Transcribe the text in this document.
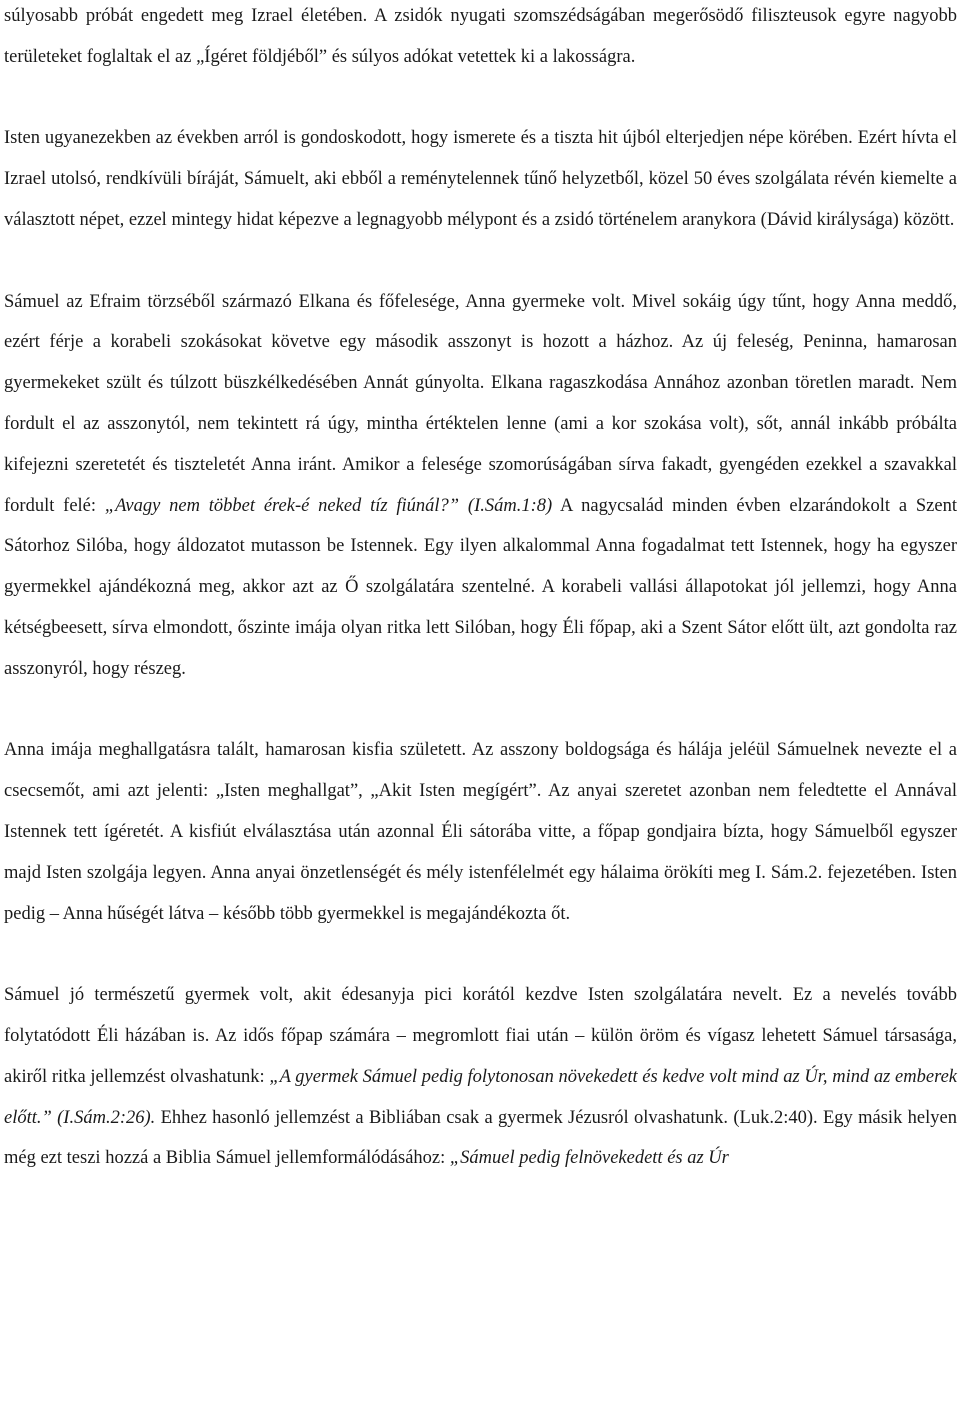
súlyosabb próbát engedett meg Izrael életében. A zsidók nyugati szomszédságában megerősödő filiszteusok egyre nagyobb területeket foglaltak el az „Ígéret földjéből” és súlyos adókat vetettek ki a lakosságra.

Isten ugyanezekben az években arról is gondoskodott, hogy ismerete és a tiszta hit újból elterjedjen népe körében. Ezért hívta el Izrael utolsó, rendkívüli bíráját, Sámuelt, aki ebből a reménytelennek tűnő helyzetből, közel 50 éves szolgálata révén kiemelte a választott népet, ezzel mintegy hidat képezve a legnagyobb mélypont és a zsidó történelem aranykora (Dávid királysága) között.

Sámuel az Efraim törzséből származó Elkana és főfelesége, Anna gyermeke volt. Mivel sokáig úgy tűnt, hogy Anna meddő, ezért férje a korabeli szokásokat követve egy második asszonyt is hozott a házhoz. Az új feleség, Peninna, hamarosan gyermekeket szült és túlzott büszkélkedésében Annát gúnyolta. Elkana ragaszkodása Annához azonban töretlen maradt. Nem fordult el az asszonytól, nem tekintett rá úgy, mintha értéktelen lenne (ami a kor szokása volt), sőt, annál inkább próbálta kifejezni szeretetét és tiszteletét Anna iránt. Amikor a felesége szomorúságában sírva fakadt, gyengéden ezekkel a szavakkal fordult felé: „Avagy nem többet érek-é neked tíz fiúnál?” (I.Sám.1:8) A nagycsalád minden évben elzarándokolt a Szent Sátorhoz Silóba, hogy áldozatot mutasson be Istennek. Egy ilyen alkalommal Anna fogadalmat tett Istennek, hogy ha egyszer gyermekkel ajándékozná meg, akkor azt az Ő szolgálatára szentelné. A korabeli vallási állapotokat jól jellemzi, hogy Anna kétségbeesett, sírva elmondott, őszinte imája olyan ritka lett Silóban, hogy Éli főpap, aki a Szent Sátor előtt ült, azt gondolta raz asszonyról, hogy részeg.

Anna imája meghallgatásra talált, hamarosan kisfia született. Az asszony boldogsága és hálája jeléül Sámuelnek nevezte el a csecsemőt, ami azt jelenti: „Isten meghallgat”, „Akit Isten megígért”. Az anyai szeretet azonban nem feledtette el Annával Istennek tett ígéretét. A kisfiút elválasztása után azonnal Éli sátorába vitte, a főpap gondjaira bízta, hogy Sámuelből egyszer majd Isten szolgája legyen. Anna anyai önzetlenségét és mély istenfélelmét egy hálaima örökíti meg I. Sám.2. fejezetében. Isten pedig – Anna hűségét látva – később több gyermekkel is megajándékozta őt.

Sámuel jó természetű gyermek volt, akit édesanyja pici korától kezdve Isten szolgálatára nevelt. Ez a nevelés tovább folytatódott Éli házában is. Az idős főpap számára – megromlott fiai után – külön öröm és vígasz lehetett Sámuel társasága, akiről ritka jellemzést olvashatunk: „A gyermek Sámuel pedig folytonosan növekedett és kedve volt mind az Úr, mind az emberek előtt.” (I.Sám.2:26). Ehhez hasonló jellemzést a Bibliában csak a gyermek Jézusról olvashatunk. (Luk.2:40). Egy másik helyen még ezt teszi hozzá a Biblia Sámuel jellemformálódásához: „Sámuel pedig felnövekedett és az Úr
